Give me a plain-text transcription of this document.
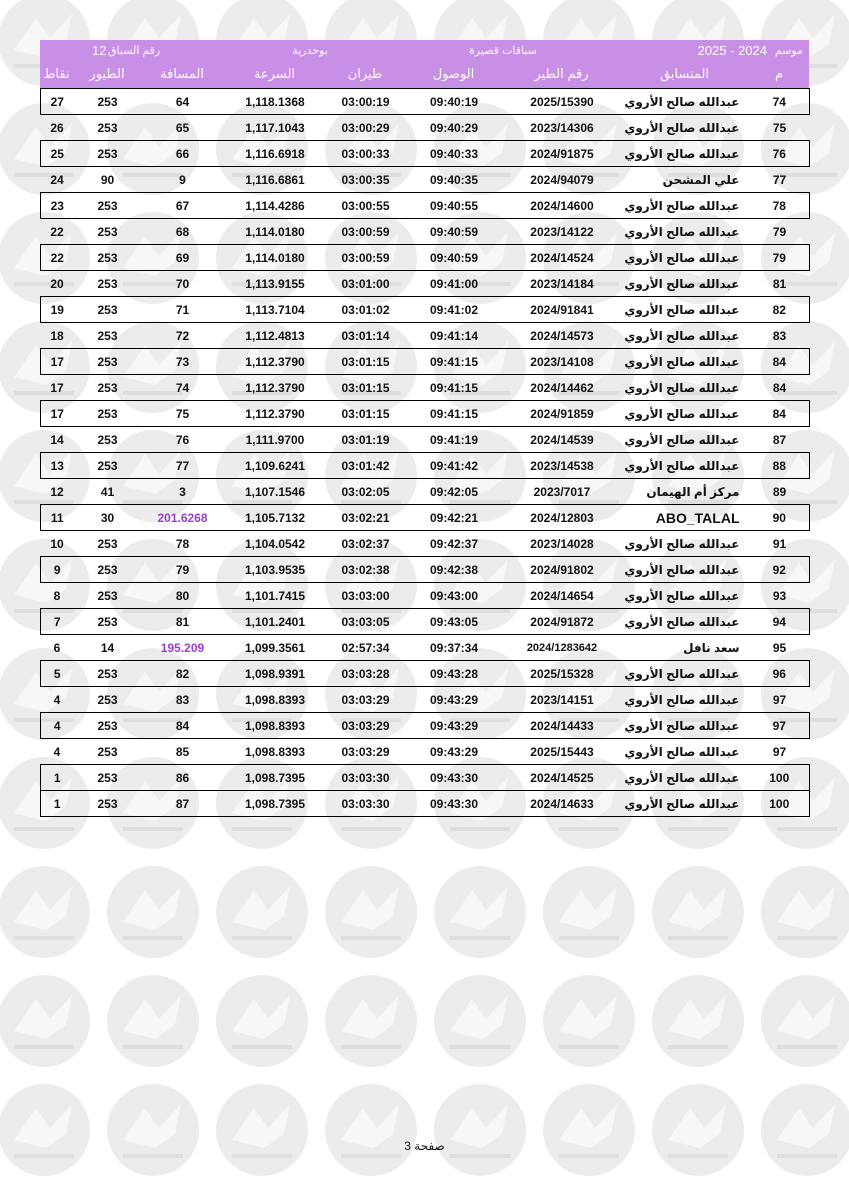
موسم
2025 - 2024
سباقات قصيرة
بوحدرية
رقم السباق
12
نقاط	الطيور	المسافة	السرعة	طيران	الوصول	رقم الطير	المتسابق	م
27	253	64	1,118.1368	03:00:19	09:40:19	2025/15390	عبدالله صالح الأروي	74
26	253	65	1,117.1043	03:00:29	09:40:29	2023/14306	عبدالله صالح الأروي	75
25	253	66	1,116.6918	03:00:33	09:40:33	2024/91875	عبدالله صالح الأروي	76
24	90	9	1,116.6861	03:00:35	09:40:35	2024/94079	علي المشحن	77
23	253	67	1,114.4286	03:00:55	09:40:55	2024/14600	عبدالله صالح الأروي	78
22	253	68	1,114.0180	03:00:59	09:40:59	2023/14122	عبدالله صالح الأروي	79
22	253	69	1,114.0180	03:00:59	09:40:59	2024/14524	عبدالله صالح الأروي	79
20	253	70	1,113.9155	03:01:00	09:41:00	2023/14184	عبدالله صالح الأروي	81
19	253	71	1,113.7104	03:01:02	09:41:02	2024/91841	عبدالله صالح الأروي	82
18	253	72	1,112.4813	03:01:14	09:41:14	2024/14573	عبدالله صالح الأروي	83
17	253	73	1,112.3790	03:01:15	09:41:15	2023/14108	عبدالله صالح الأروي	84
17	253	74	1,112.3790	03:01:15	09:41:15	2024/14462	عبدالله صالح الأروي	84
17	253	75	1,112.3790	03:01:15	09:41:15	2024/91859	عبدالله صالح الأروي	84
14	253	76	1,111.9700	03:01:19	09:41:19	2024/14539	عبدالله صالح الأروي	87
13	253	77	1,109.6241	03:01:42	09:41:42	2023/14538	عبدالله صالح الأروي	88
12	41	3	1,107.1546	03:02:05	09:42:05	2023/7017	مركز أم الهيمان	89
11	30	201.6268	1,105.7132	03:02:21	09:42:21	2024/12803	ABO_TALAL	90
10	253	78	1,104.0542	03:02:37	09:42:37	2023/14028	عبدالله صالح الأروي	91
9	253	79	1,103.9535	03:02:38	09:42:38	2024/91802	عبدالله صالح الأروي	92
8	253	80	1,101.7415	03:03:00	09:43:00	2024/14654	عبدالله صالح الأروي	93
7	253	81	1,101.2401	03:03:05	09:43:05	2024/91872	عبدالله صالح الأروي	94
6	14	195.209	1,099.3561	02:57:34	09:37:34	2024/1283642	سعد نافل	95
5	253	82	1,098.9391	03:03:28	09:43:28	2025/15328	عبدالله صالح الأروي	96
4	253	83	1,098.8393	03:03:29	09:43:29	2023/14151	عبدالله صالح الأروي	97
4	253	84	1,098.8393	03:03:29	09:43:29	2024/14433	عبدالله صالح الأروي	97
4	253	85	1,098.8393	03:03:29	09:43:29	2025/15443	عبدالله صالح الأروي	97
1	253	86	1,098.7395	03:03:30	09:43:30	2024/14525	عبدالله صالح الأروي	100
1	253	87	1,098.7395	03:03:30	09:43:30	2024/14633	عبدالله صالح الأروي	100
صفحة 3
